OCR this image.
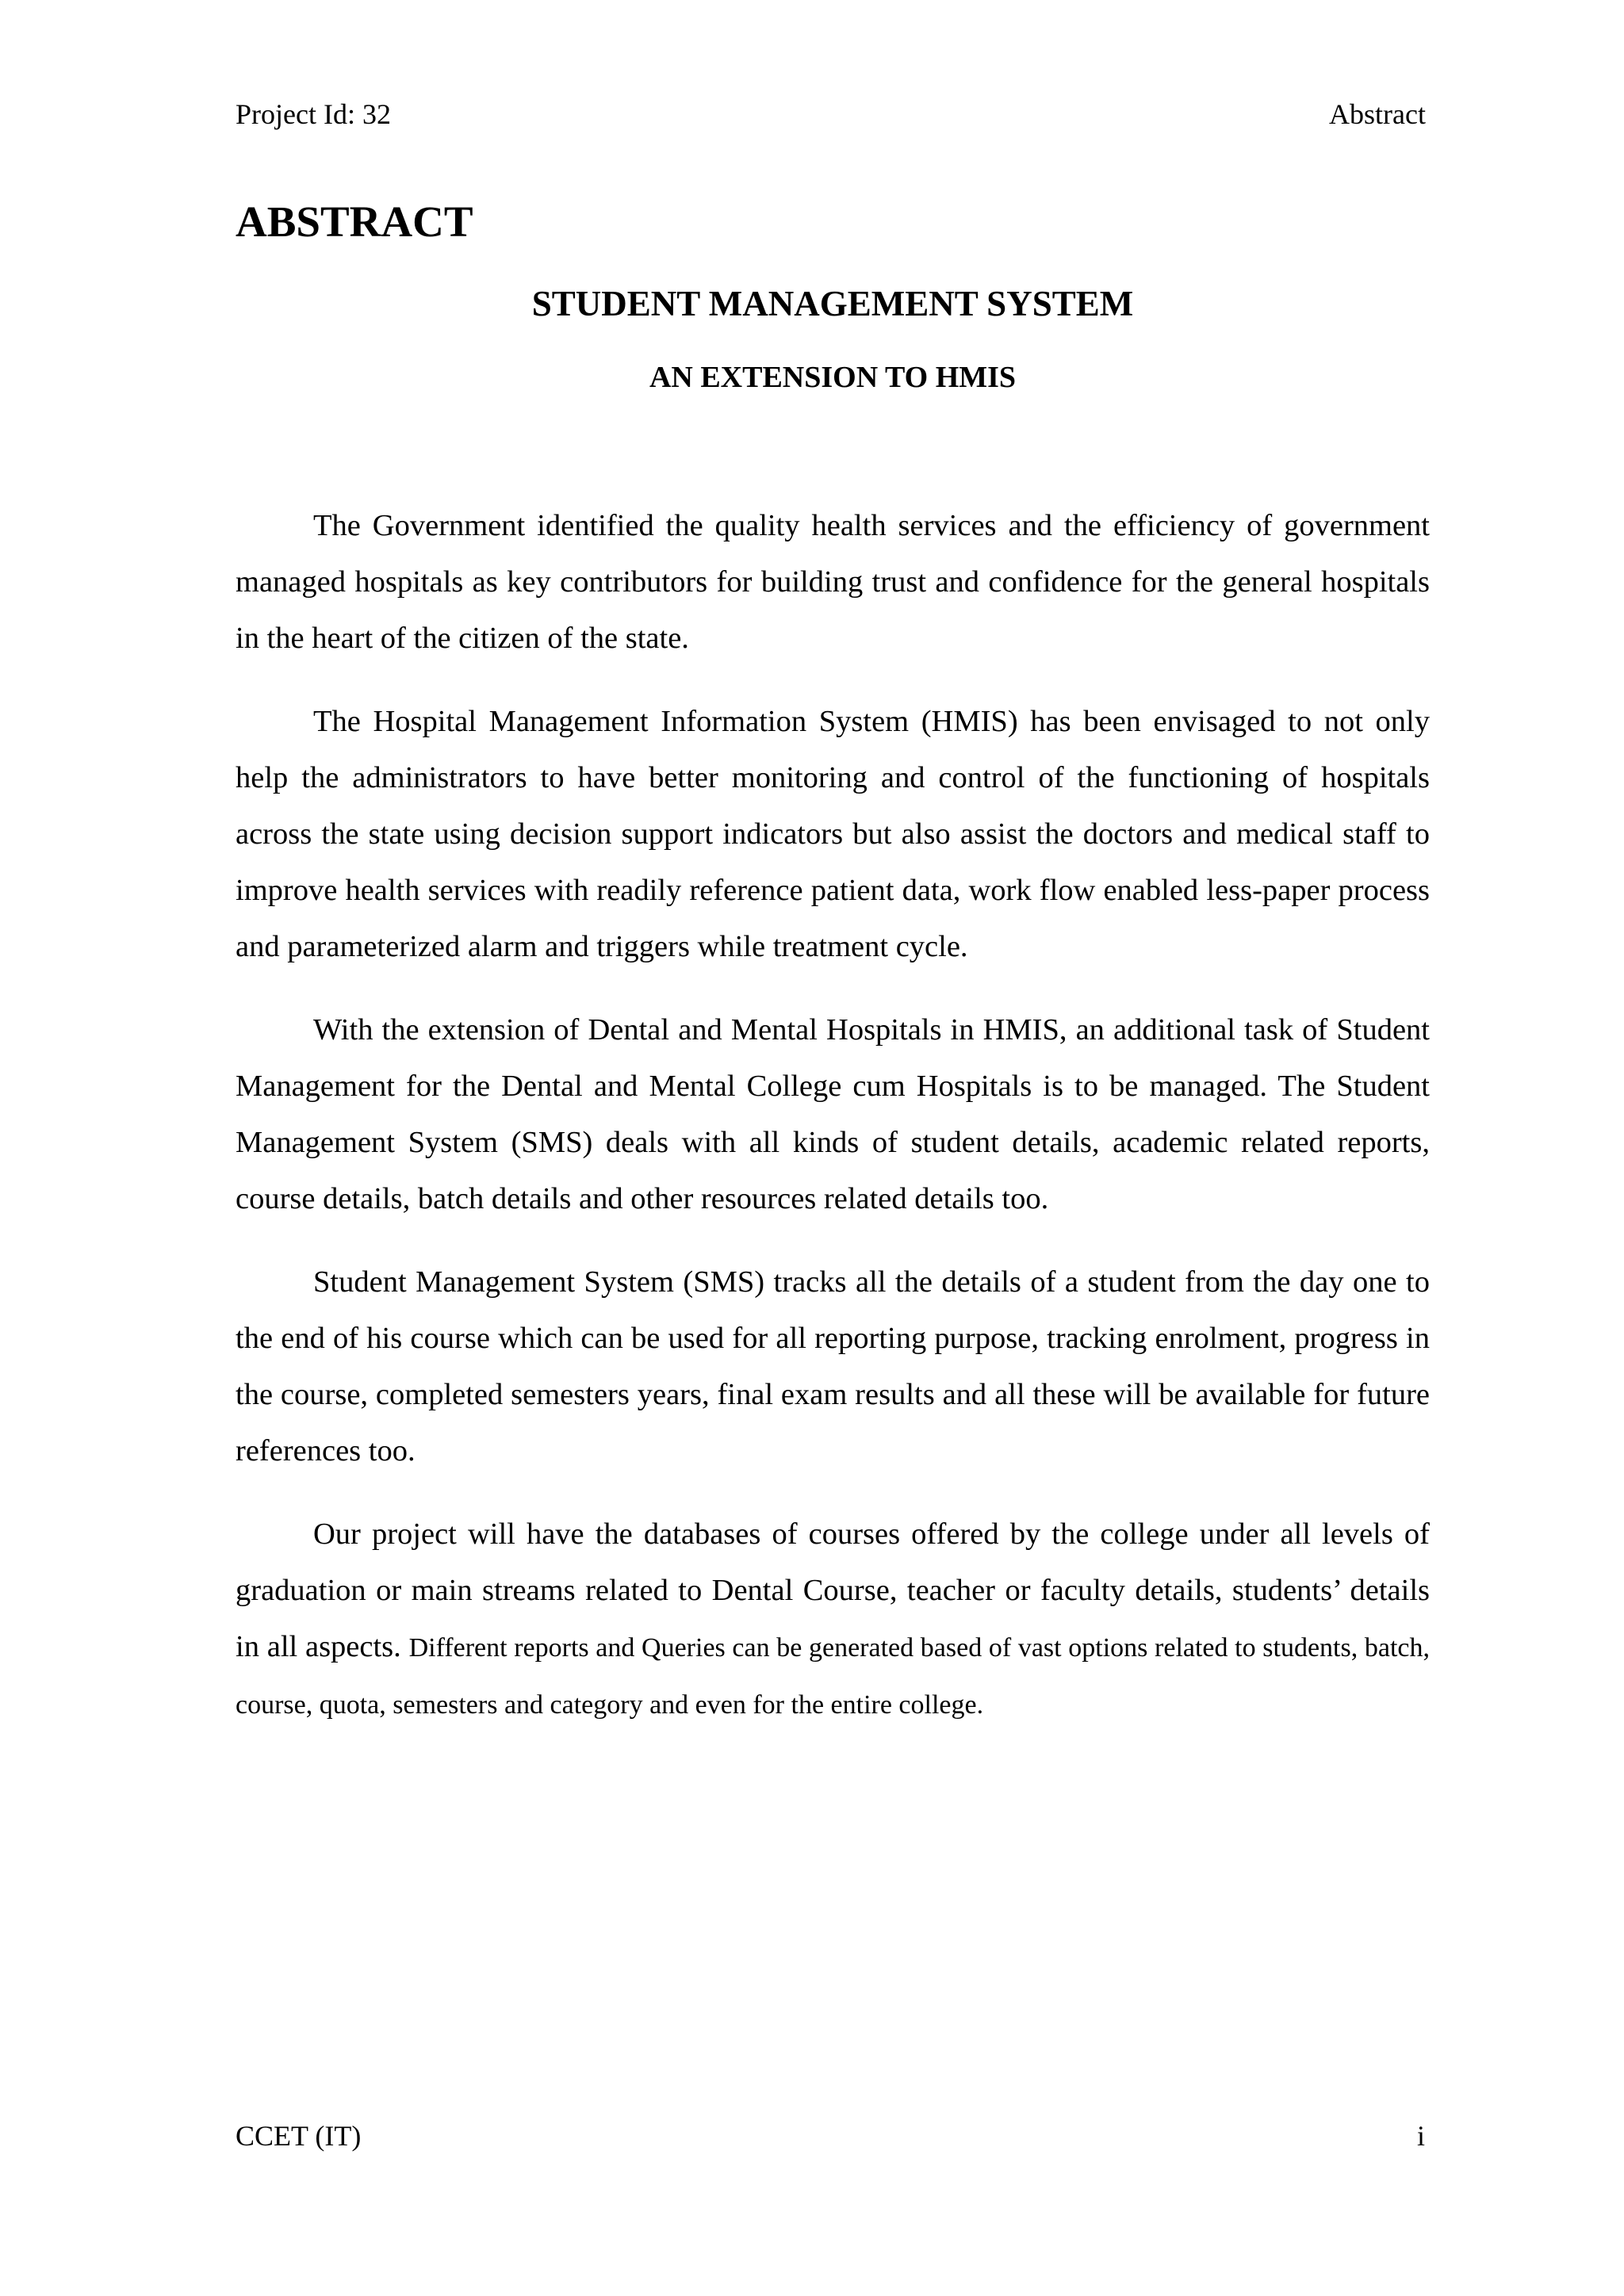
Project Id: 32	Abstract
ABSTRACT
STUDENT MANAGEMENT SYSTEM
AN EXTENSION TO HMIS

The Government identified the quality health services and the efficiency of government managed hospitals as key contributors for building trust and confidence for the general hospitals in the heart of the citizen of the state.

The Hospital Management Information System (HMIS) has been envisaged to not only help the administrators to have better monitoring and control of the functioning of hospitals across the state using decision support indicators but also assist the doctors and medical staff to improve health services with readily reference patient data, work flow enabled less-paper process and parameterized alarm and triggers while treatment cycle.

With the extension of Dental and Mental Hospitals in HMIS, an additional task of Student Management for the Dental and Mental College cum Hospitals is to be managed. The Student Management System (SMS) deals with all kinds of student details, academic related reports, course details, batch details and other resources related details too.

Student Management System (SMS) tracks all the details of a student from the day one to the end of his course which can be used for all reporting purpose, tracking enrolment, progress in the course, completed semesters years, final exam results and all these will be available for future references too.

Our project will have the databases of courses offered by the college under all levels of graduation or main streams related to Dental Course, teacher or faculty details, students’ details in all aspects. Different reports and Queries can be generated based of vast options related to students, batch, course, quota, semesters and category and even for the entire college.

CCET (IT)	i
